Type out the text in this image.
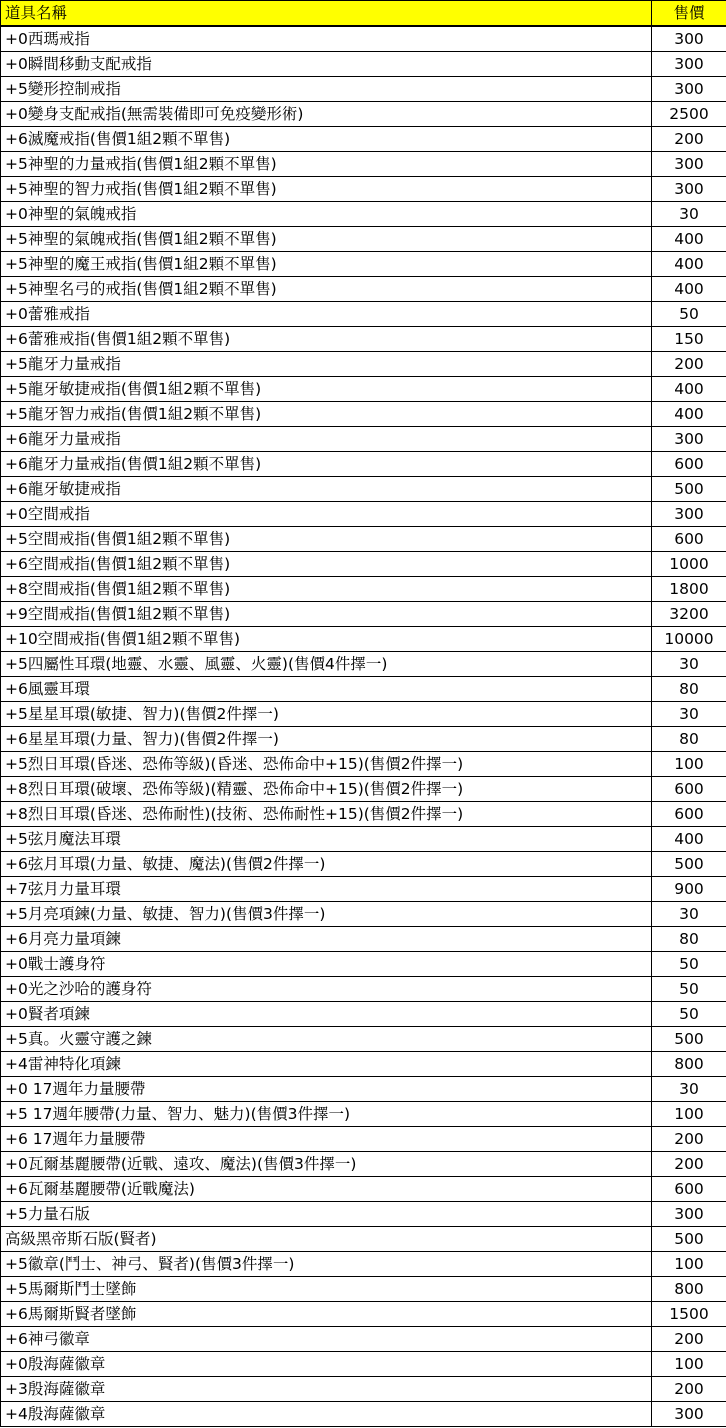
道具名稱	售價
+0西瑪戒指	300
+0瞬間移動支配戒指	300
+5變形控制戒指	300
+0變身支配戒指(無需裝備即可免疫變形術)	2500
+6滅魔戒指(售價1組2顆不單售)	200
+5神聖的力量戒指(售價1組2顆不單售)	300
+5神聖的智力戒指(售價1組2顆不單售)	300
+0神聖的氣魄戒指	30
+5神聖的氣魄戒指(售價1組2顆不單售)	400
+5神聖的魔王戒指(售價1組2顆不單售)	400
+5神聖名弓的戒指(售價1組2顆不單售)	400
+0蕾雅戒指	50
+6蕾雅戒指(售價1組2顆不單售)	150
+5龍牙力量戒指	200
+5龍牙敏捷戒指(售價1組2顆不單售)	400
+5龍牙智力戒指(售價1組2顆不單售)	400
+6龍牙力量戒指	300
+6龍牙力量戒指(售價1組2顆不單售)	600
+6龍牙敏捷戒指	500
+0空間戒指	300
+5空間戒指(售價1組2顆不單售)	600
+6空間戒指(售價1組2顆不單售)	1000
+8空間戒指(售價1組2顆不單售)	1800
+9空間戒指(售價1組2顆不單售)	3200
+10空間戒指(售價1組2顆不單售)	10000
+5四屬性耳環(地靈、水靈、風靈、火靈)(售價4件擇一)	30
+6風靈耳環	80
+5星星耳環(敏捷、智力)(售價2件擇一)	30
+6星星耳環(力量、智力)(售價2件擇一)	80
+5烈日耳環(昏迷、恐佈等級)(昏迷、恐佈命中+15)(售價2件擇一)	100
+8烈日耳環(破壞、恐佈等級)(精靈、恐佈命中+15)(售價2件擇一)	600
+8烈日耳環(昏迷、恐佈耐性)(技術、恐佈耐性+15)(售價2件擇一)	600
+5弦月魔法耳環	400
+6弦月耳環(力量、敏捷、魔法)(售價2件擇一)	500
+7弦月力量耳環	900
+5月亮項鍊(力量、敏捷、智力)(售價3件擇一)	30
+6月亮力量項鍊	80
+0戰士護身符	50
+0光之沙哈的護身符	50
+0賢者項鍊	50
+5真。火靈守護之鍊	500
+4雷神特化項鍊	800
+0 17週年力量腰帶	30
+5 17週年腰帶(力量、智力、魅力)(售價3件擇一)	100
+6 17週年力量腰帶	200
+0瓦爾基麗腰帶(近戰、遠攻、魔法)(售價3件擇一)	200
+6瓦爾基麗腰帶(近戰魔法)	600
+5力量石版	300
高級黑帝斯石版(賢者)	500
+5徽章(鬥士、神弓、賢者)(售價3件擇一)	100
+5馬爾斯鬥士墜飾	800
+6馬爾斯賢者墜飾	1500
+6神弓徽章	200
+0殷海薩徽章	100
+3殷海薩徽章	200
+4殷海薩徽章	300
